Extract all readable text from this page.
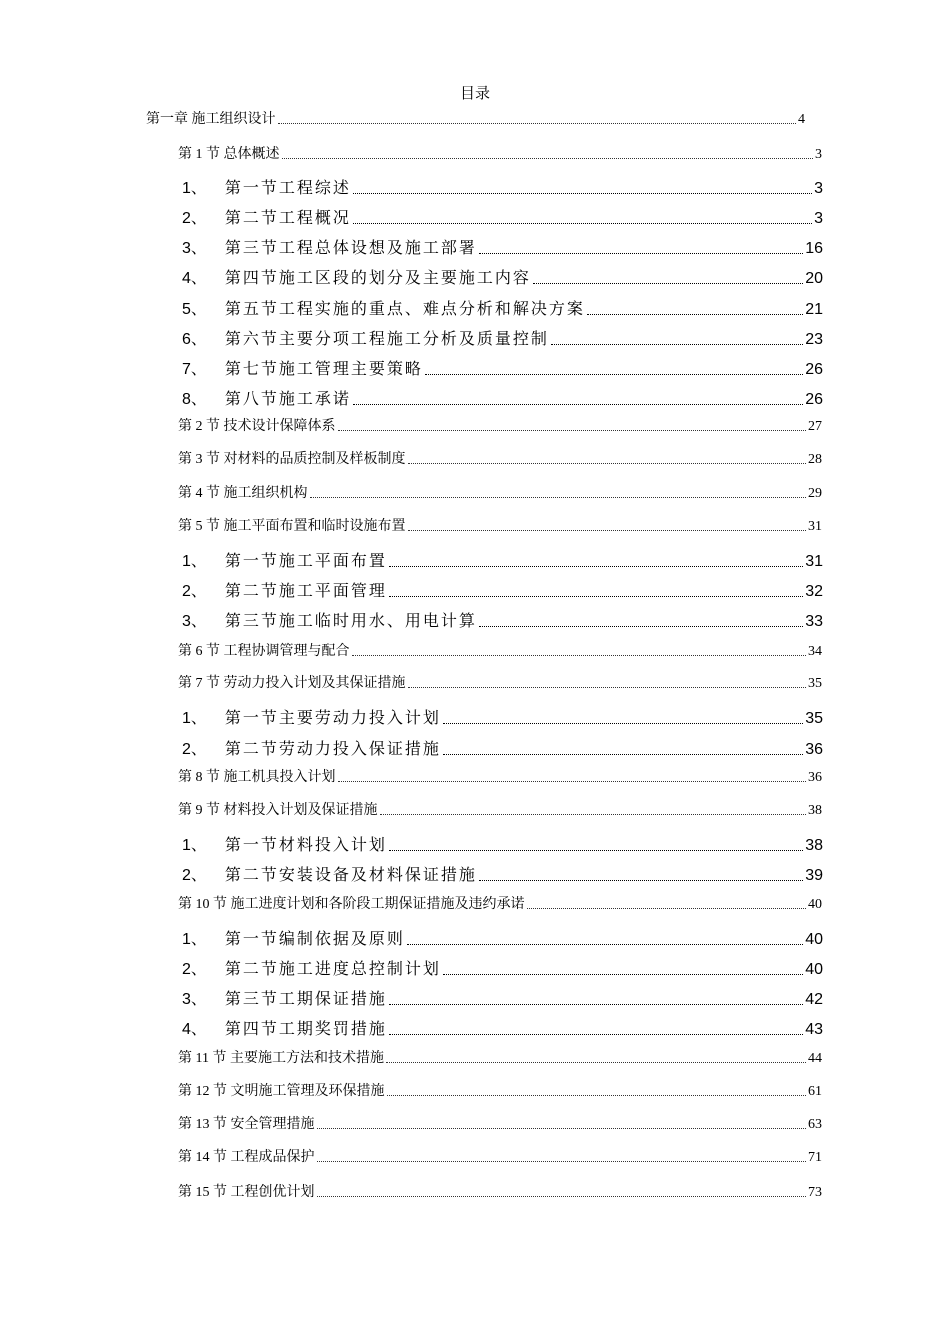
目录
第一章 施工组织设计	4
第 1 节 总体概述	3
1、 第一节工程综述	3
2、 第二节工程概况	3
3、 第三节工程总体设想及施工部署	16
4、 第四节施工区段的划分及主要施工内容	20
5、 第五节工程实施的重点、难点分析和解决方案	21
6、 第六节主要分项工程施工分析及质量控制	23
7、 第七节施工管理主要策略	26
8、 第八节施工承诺	26
第 2 节 技术设计保障体系	27
第 3 节 对材料的品质控制及样板制度	28
第 4 节 施工组织机构	29
第 5 节 施工平面布置和临时设施布置	31
1、 第一节施工平面布置	31
2、 第二节施工平面管理	32
3、 第三节施工临时用水、用电计算	33
第 6 节 工程协调管理与配合	34
第 7 节 劳动力投入计划及其保证措施	35
1、 第一节主要劳动力投入计划	35
2、 第二节劳动力投入保证措施	36
第 8 节 施工机具投入计划	36
第 9 节 材料投入计划及保证措施	38
1、 第一节材料投入计划	38
2、 第二节安装设备及材料保证措施	39
第 10 节 施工进度计划和各阶段工期保证措施及违约承诺	40
1、 第一节编制依据及原则	40
2、 第二节施工进度总控制计划	40
3、 第三节工期保证措施	42
4、 第四节工期奖罚措施	43
第 11 节 主要施工方法和技术措施	44
第 12 节 文明施工管理及环保措施	61
第 13 节 安全管理措施	63
第 14 节 工程成品保护	71
第 15 节 工程创优计划	73
